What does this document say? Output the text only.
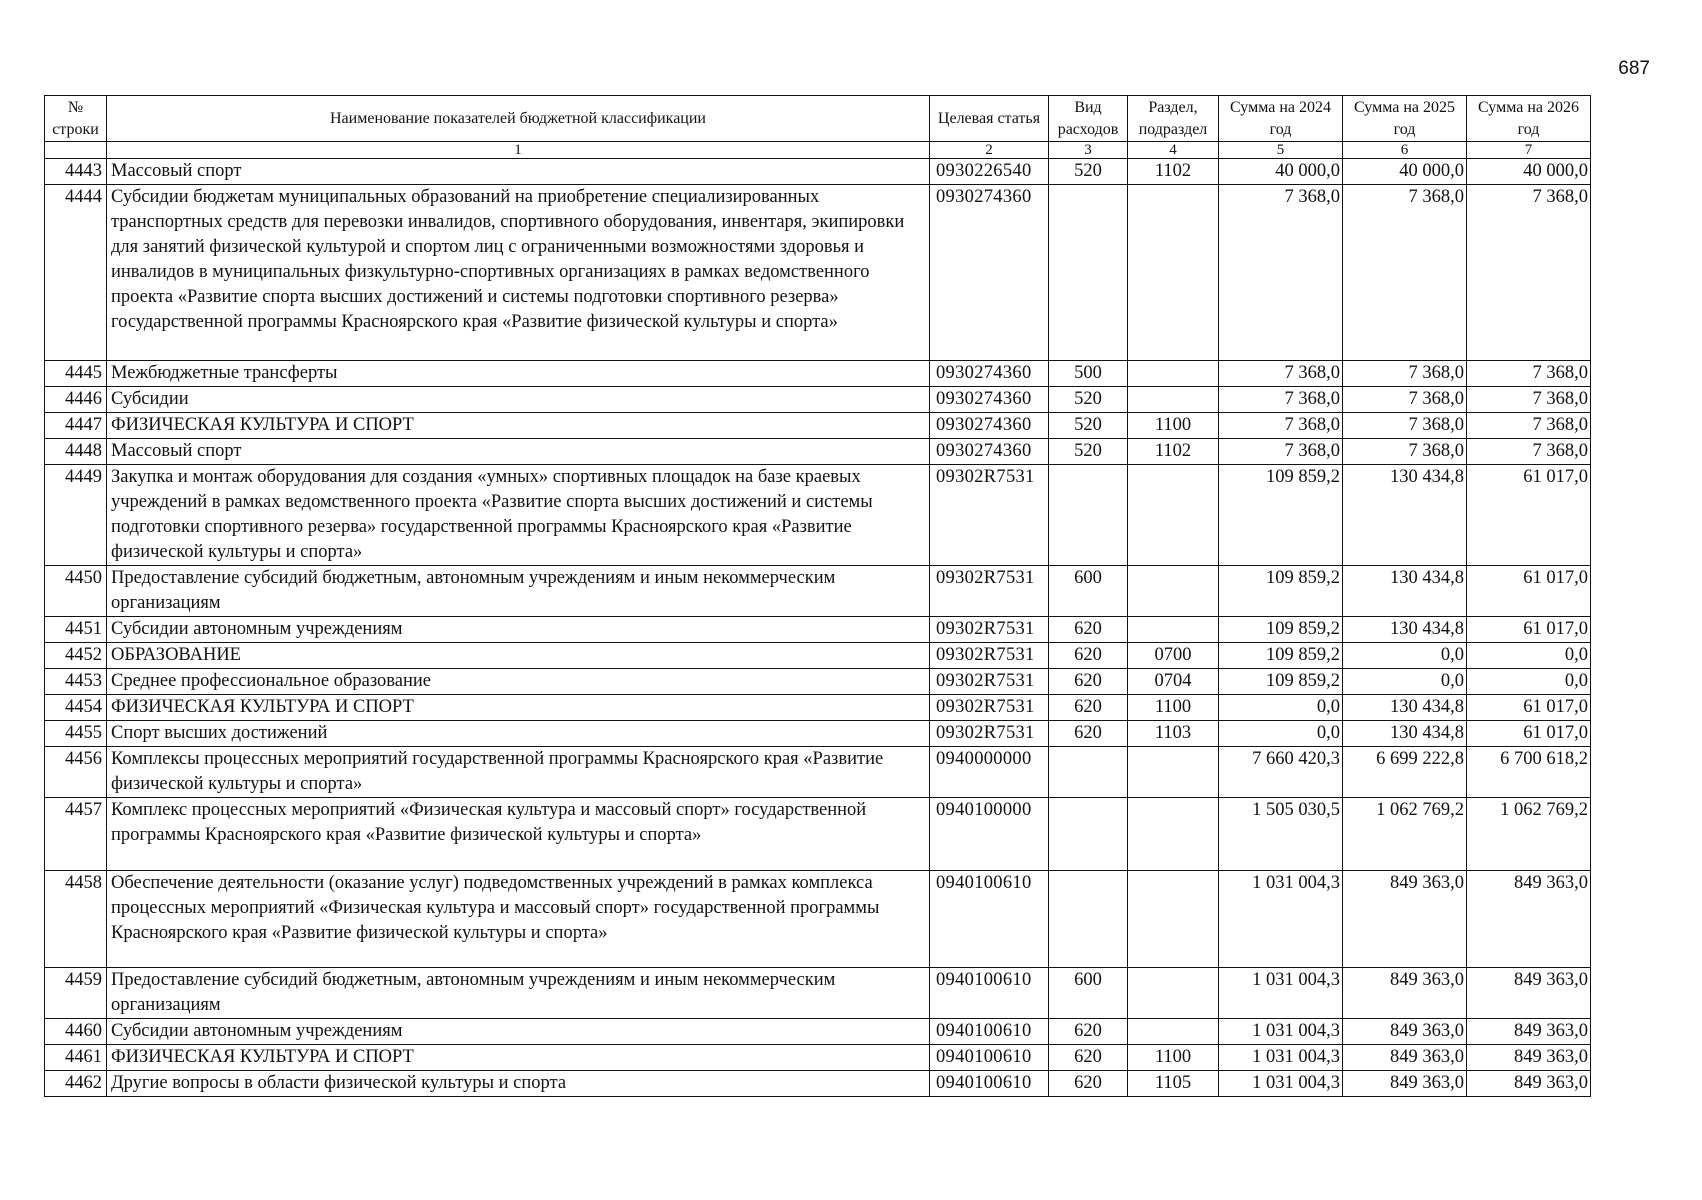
687
№ строки	Наименование показателей бюджетной классификации	Целевая статья	Вид расходов	Раздел, подраздел	Сумма на 2024 год	Сумма на 2025 год	Сумма на 2026 год
	1	2	3	4	5	6	7
4443	Массовый спорт	0930226540	520	1102	40 000,0	40 000,0	40 000,0
4444	Субсидии бюджетам муниципальных образований на приобретение специализированных транспортных средств для перевозки инвалидов, спортивного оборудования, инвентаря, экипировки для занятий физической культурой и спортом лиц с ограниченными возможностями здоровья и инвалидов в муниципальных физкультурно-спортивных организациях в рамках ведомственного проекта «Развитие спорта высших достижений и системы подготовки спортивного резерва» государственной программы Красноярского края «Развитие физической культуры и спорта»	0930274360			7 368,0	7 368,0	7 368,0
4445	Межбюджетные трансферты	0930274360	500		7 368,0	7 368,0	7 368,0
4446	Субсидии	0930274360	520		7 368,0	7 368,0	7 368,0
4447	ФИЗИЧЕСКАЯ КУЛЬТУРА И СПОРТ	0930274360	520	1100	7 368,0	7 368,0	7 368,0
4448	Массовый спорт	0930274360	520	1102	7 368,0	7 368,0	7 368,0
4449	Закупка и монтаж оборудования для создания «умных» спортивных площадок на базе краевых учреждений в рамках ведомственного проекта «Развитие спорта высших достижений и системы подготовки спортивного резерва» государственной программы Красноярского края «Развитие физической культуры и спорта»	09302R7531			109 859,2	130 434,8	61 017,0
4450	Предоставление субсидий бюджетным, автономным учреждениям и иным некоммерческим организациям	09302R7531	600		109 859,2	130 434,8	61 017,0
4451	Субсидии автономным учреждениям	09302R7531	620		109 859,2	130 434,8	61 017,0
4452	ОБРАЗОВАНИЕ	09302R7531	620	0700	109 859,2	0,0	0,0
4453	Среднее профессиональное образование	09302R7531	620	0704	109 859,2	0,0	0,0
4454	ФИЗИЧЕСКАЯ КУЛЬТУРА И СПОРТ	09302R7531	620	1100	0,0	130 434,8	61 017,0
4455	Спорт высших достижений	09302R7531	620	1103	0,0	130 434,8	61 017,0
4456	Комплексы процессных мероприятий государственной программы Красноярского края «Развитие физической культуры и спорта»	0940000000			7 660 420,3	6 699 222,8	6 700 618,2
4457	Комплекс процессных мероприятий «Физическая культура и массовый спорт» государственной программы Красноярского края «Развитие физической культуры и спорта»	0940100000			1 505 030,5	1 062 769,2	1 062 769,2
4458	Обеспечение деятельности (оказание услуг) подведомственных учреждений в рамках комплекса процессных мероприятий «Физическая культура и массовый спорт» государственной программы Красноярского края «Развитие физической культуры и спорта»	0940100610			1 031 004,3	849 363,0	849 363,0
4459	Предоставление субсидий бюджетным, автономным учреждениям и иным некоммерческим организациям	0940100610	600		1 031 004,3	849 363,0	849 363,0
4460	Субсидии автономным учреждениям	0940100610	620		1 031 004,3	849 363,0	849 363,0
4461	ФИЗИЧЕСКАЯ КУЛЬТУРА И СПОРТ	0940100610	620	1100	1 031 004,3	849 363,0	849 363,0
4462	Другие вопросы в области физической культуры и спорта	0940100610	620	1105	1 031 004,3	849 363,0	849 363,0
